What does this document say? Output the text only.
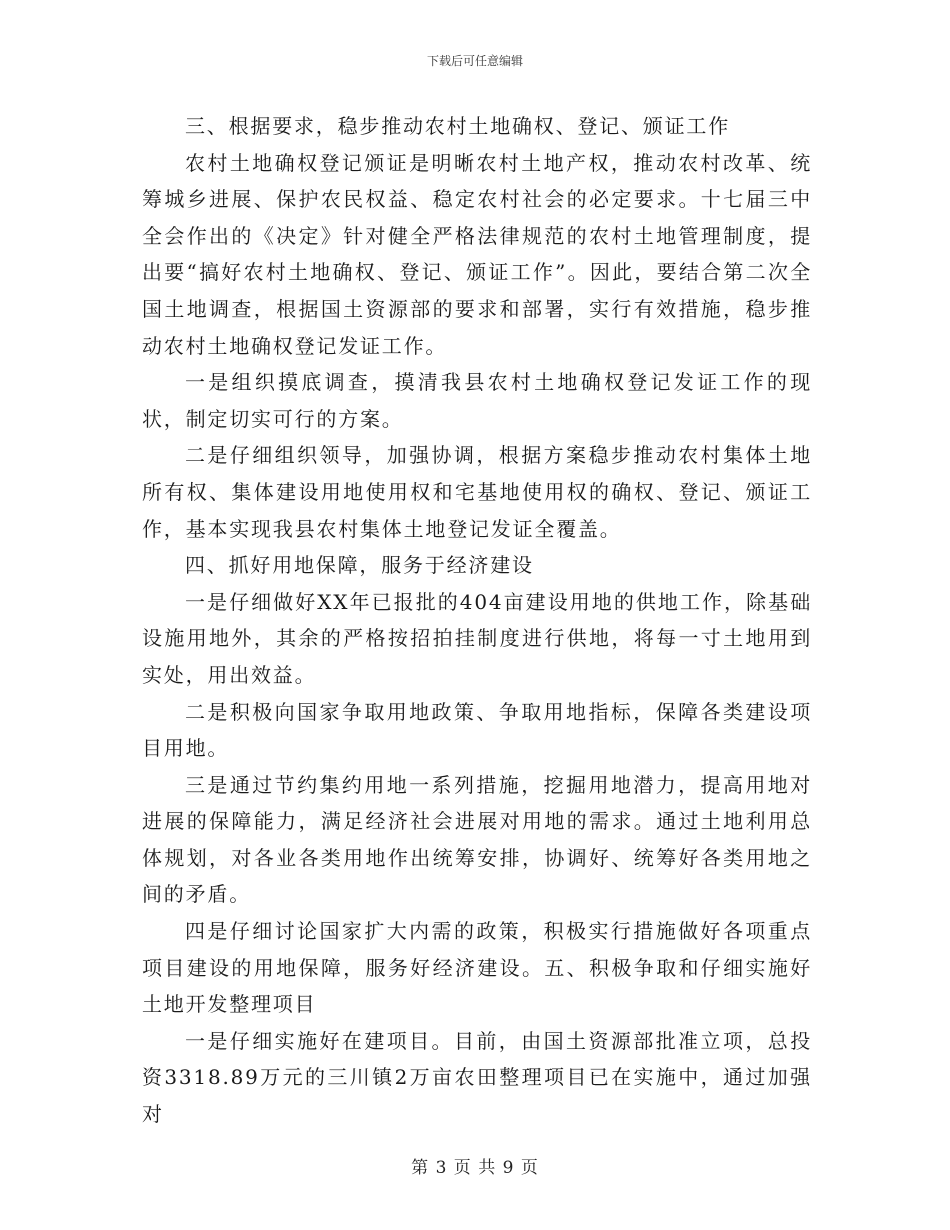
下载后可任意编辑

三、根据要求，稳步推动农村土地确权、登记、颁证工作

农村土地确权登记颁证是明晰农村土地产权，推动农村改革、统筹城乡进展、保护农民权益、稳定农村社会的必定要求。十七届三中全会作出的《决定》针对健全严格法律规范的农村土地管理制度，提出要“搞好农村土地确权、登记、颁证工作”。因此，要结合第二次全国土地调查，根据国土资源部的要求和部署，实行有效措施，稳步推动农村土地确权登记发证工作。

一是组织摸底调查，摸清我县农村土地确权登记发证工作的现状，制定切实可行的方案。

二是仔细组织领导，加强协调，根据方案稳步推动农村集体土地所有权、集体建设用地使用权和宅基地使用权的确权、登记、颁证工作，基本实现我县农村集体土地登记发证全覆盖。

四、抓好用地保障，服务于经济建设

一是仔细做好XX年已报批的404亩建设用地的供地工作，除基础设施用地外，其余的严格按招拍挂制度进行供地，将每一寸土地用到实处，用出效益。

二是积极向国家争取用地政策、争取用地指标，保障各类建设项目用地。

三是通过节约集约用地一系列措施，挖掘用地潜力，提高用地对进展的保障能力，满足经济社会进展对用地的需求。通过土地利用总体规划，对各业各类用地作出统筹安排，协调好、统筹好各类用地之间的矛盾。

四是仔细讨论国家扩大内需的政策，积极实行措施做好各项重点项目建设的用地保障，服务好经济建设。五、积极争取和仔细实施好土地开发整理项目

一是仔细实施好在建项目。目前，由国土资源部批准立项，总投资3318.89万元的三川镇2万亩农田整理项目已在实施中，通过加强对

第 3 页 共 9 页
